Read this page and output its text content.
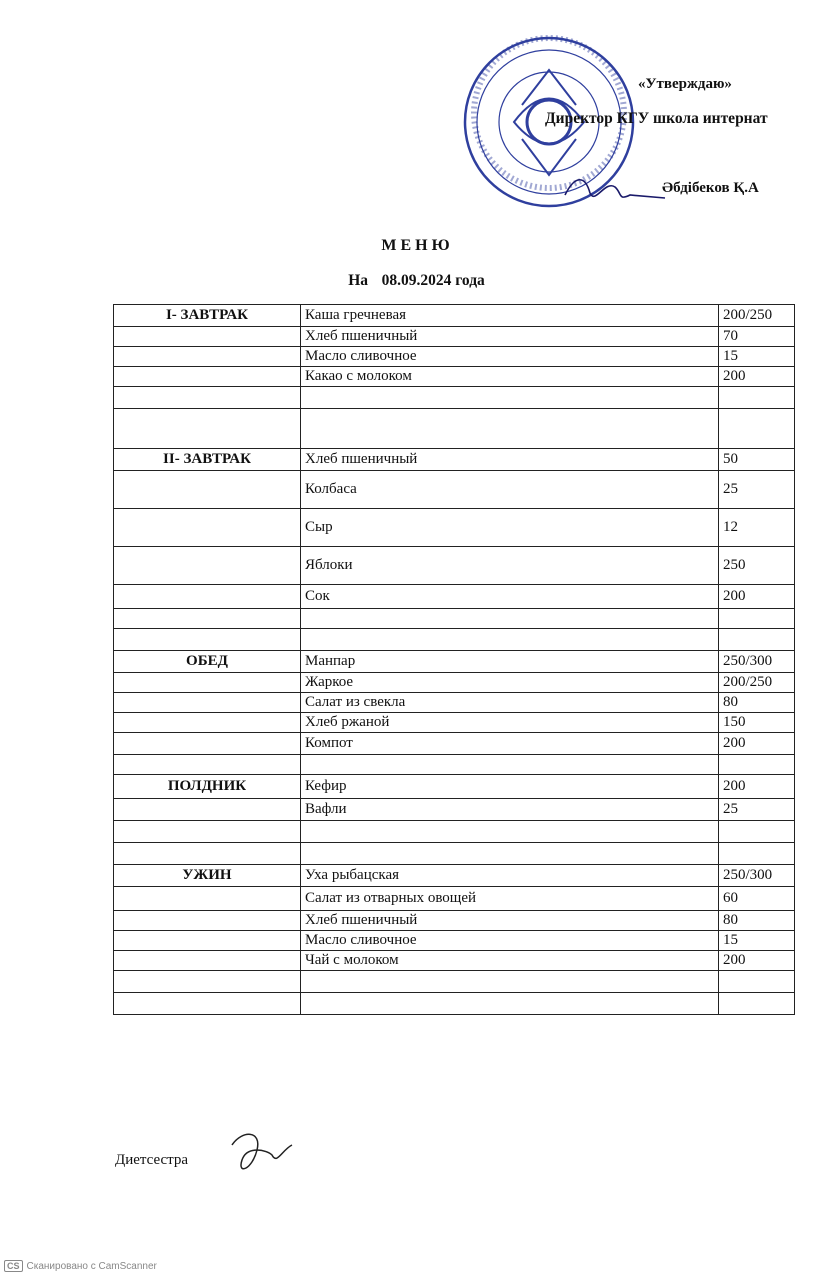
«Утверждаю»
Директор КГУ школа интернат
Әбдібеков Қ.А
М Е Н Ю
На 08.09.2024 года
I- ЗАВТРАК	Каша гречневая	200/250
	Хлеб пшеничный	70
	Масло сливочное	15
	Какао с молоком	200

II- ЗАВТРАК	Хлеб пшеничный	50
	Колбаса	25
	Сыр	12
	Яблоки	250
	Сок	200

ОБЕД	Манпар	250/300
	Жаркое	200/250
	Салат из свекла	80
	Хлеб ржаной	150
	Компот	200

ПОЛДНИК	Кефир	200
	Вафли	25

УЖИН	Уха рыбацская	250/300
	Салат из отварных овощей	60
	Хлеб пшеничный	80
	Масло сливочное	15
	Чай с молоком	200

Диетсестра
CS Сканировано с CamScanner
